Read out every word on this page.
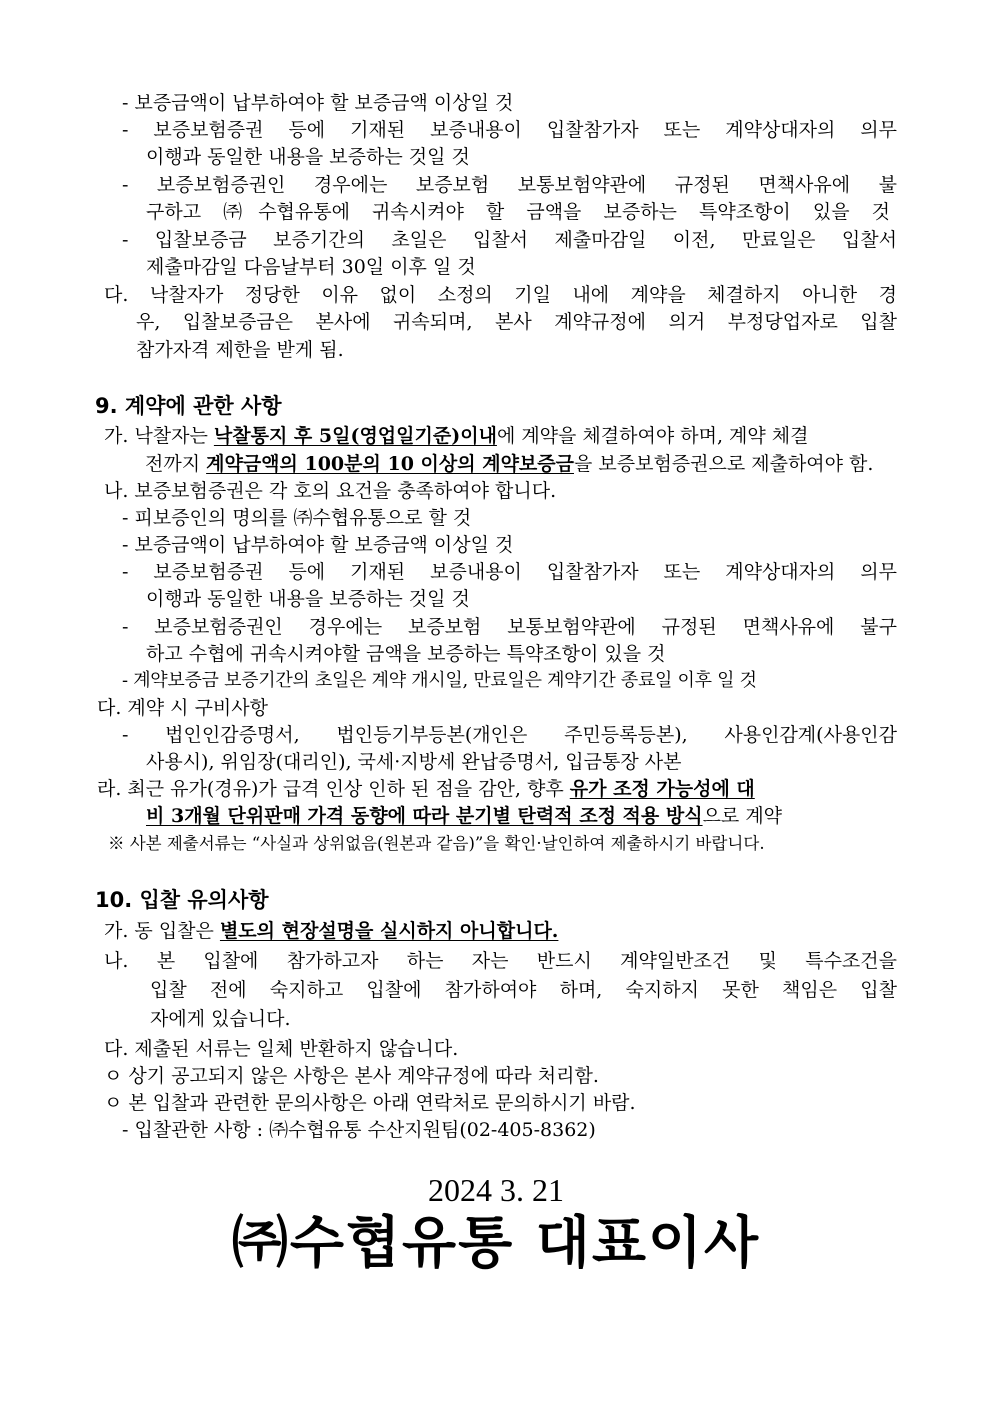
- 보증금액이 납부하여야 할 보증금액 이상일 것
- 보증보험증권 등에 기재된 보증내용이 입찰참가자 또는 계약상대자의 의무
이행과 동일한 내용을 보증하는 것일 것
- 보증보험증권인 경우에는 보증보험 보통보험약관에 규정된 면책사유에 불
구하고 ㈜수협유통에 귀속시켜야 할 금액을 보증하는 특약조항이 있을 것
- 입찰보증금 보증기간의 초일은 입찰서 제출마감일 이전, 만료일은 입찰서
제출마감일 다음날부터 30일 이후 일 것
다. 낙찰자가 정당한 이유 없이 소정의 기일 내에 계약을 체결하지 아니한 경
우, 입찰보증금은 본사에 귀속되며, 본사 계약규정에 의거 부정당업자로 입찰
참가자격 제한을 받게 됨.
9. 계약에 관한 사항
가. 낙찰자는 낙찰통지 후 5일(영업일기준)이내에 계약을 체결하여야 하며, 계약 체결
전까지 계약금액의 100분의 10 이상의 계약보증금을 보증보험증권으로 제출하여야 함.
나. 보증보험증권은 각 호의 요건을 충족하여야 합니다.
- 피보증인의 명의를 ㈜수협유통으로 할 것
- 보증금액이 납부하여야 할 보증금액 이상일 것
- 보증보험증권 등에 기재된 보증내용이 입찰참가자 또는 계약상대자의 의무
이행과 동일한 내용을 보증하는 것일 것
- 보증보험증권인 경우에는 보증보험 보통보험약관에 규정된 면책사유에 불구
하고 수협에 귀속시켜야할 금액을 보증하는 특약조항이 있을 것
- 계약보증금 보증기간의 초일은 계약 개시일, 만료일은 계약기간 종료일 이후 일 것
다. 계약 시 구비사항
- 법인인감증명서, 법인등기부등본(개인은 주민등록등본), 사용인감계(사용인감
사용시), 위임장(대리인), 국세·지방세 완납증명서, 입금통장 사본
라. 최근 유가(경유)가 급격 인상 인하 된 점을 감안, 향후 유가 조정 가능성에 대
비 3개월 단위판매 가격 동향에 따라 분기별 탄력적 조정 적용 방식으로 계약
※ 사본 제출서류는 “사실과 상위없음(원본과 같음)”을 확인·날인하여 제출하시기 바랍니다.
10. 입찰 유의사항
가. 동 입찰은 별도의 현장설명을 실시하지 아니합니다.
나. 본 입찰에 참가하고자 하는 자는 반드시 계약일반조건 및 특수조건을
입찰 전에 숙지하고 입찰에 참가하여야 하며, 숙지하지 못한 책임은 입찰
자에게 있습니다.
다. 제출된 서류는 일체 반환하지 않습니다.
ㅇ 상기 공고되지 않은 사항은 본사 계약규정에 따라 처리함.
ㅇ 본 입찰과 관련한 문의사항은 아래 연락처로 문의하시기 바람.
- 입찰관한 사항 : ㈜수협유통 수산지원팀(02-405-8362)
2024 3. 21
㈜수협유통 대표이사
